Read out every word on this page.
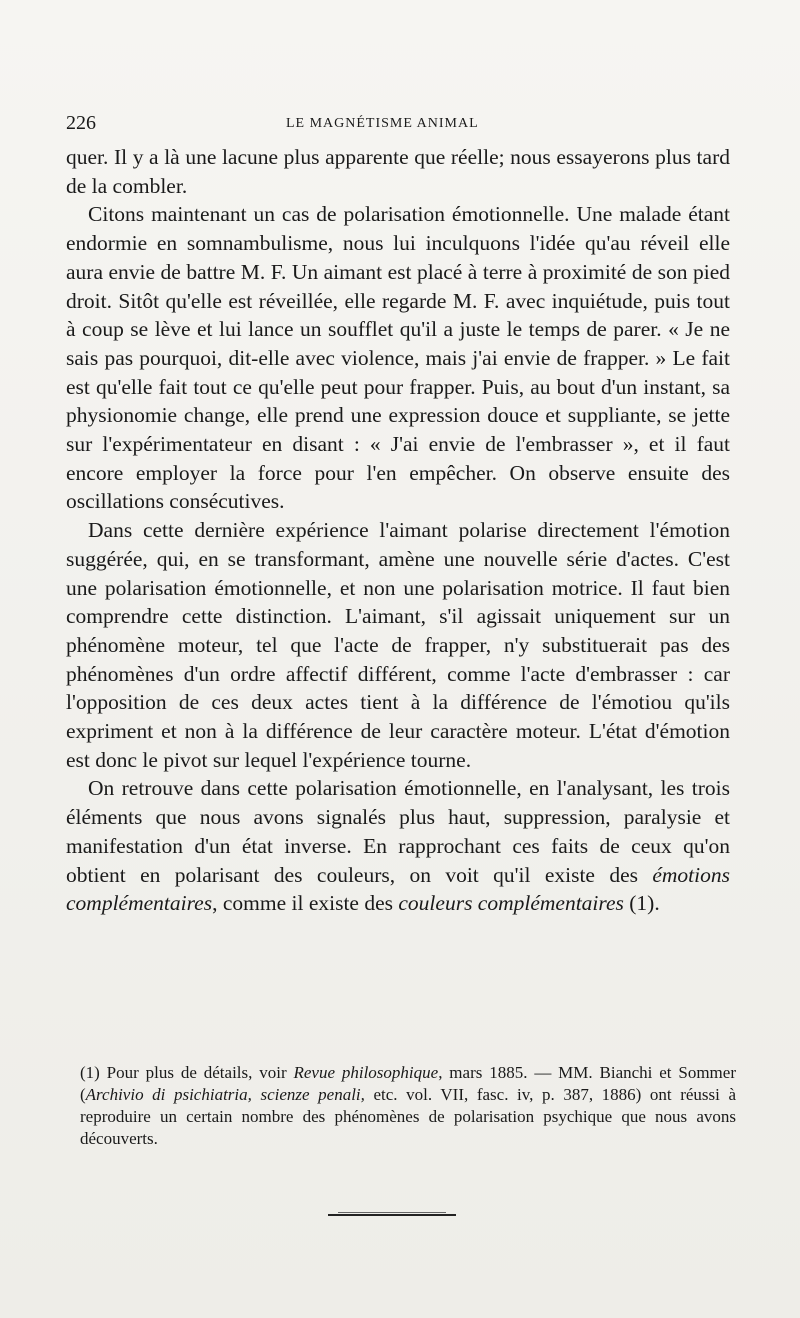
226	LE MAGNÉTISME ANIMAL

quer. Il y a là une lacune plus apparente que réelle; nous essayerons plus tard de la combler.

Citons maintenant un cas de polarisation émotionnelle. Une malade étant endormie en somnambulisme, nous lui inculquons l'idée qu'au réveil elle aura envie de battre M. F. Un aimant est placé à terre à proximité de son pied droit. Sitôt qu'elle est réveillée, elle regarde M. F. avec inquiétude, puis tout à coup se lève et lui lance un soufflet qu'il a juste le temps de parer. « Je ne sais pas pourquoi, dit-elle avec violence, mais j'ai envie de frapper. » Le fait est qu'elle fait tout ce qu'elle peut pour frapper. Puis, au bout d'un instant, sa physionomie change, elle prend une expression douce et suppliante, se jette sur l'expérimentateur en disant : « J'ai envie de l'embrasser », et il faut encore employer la force pour l'en empêcher. On observe ensuite des oscillations consécutives.

Dans cette dernière expérience l'aimant polarise directement l'émotion suggérée, qui, en se transformant, amène une nouvelle série d'actes. C'est une polarisation émotionnelle, et non une polarisation motrice. Il faut bien comprendre cette distinction. L'aimant, s'il agissait uniquement sur un phénomène moteur, tel que l'acte de frapper, n'y substituerait pas des phénomènes d'un ordre affectif différent, comme l'acte d'embrasser : car l'opposition de ces deux actes tient à la différence de l'émotiou qu'ils expriment et non à la différence de leur caractère moteur. L'état d'émotion est donc le pivot sur lequel l'expérience tourne.

On retrouve dans cette polarisation émotionnelle, en l'analysant, les trois éléments que nous avons signalés plus haut, suppression, paralysie et manifestation d'un état inverse. En rapprochant ces faits de ceux qu'on obtient en polarisant des couleurs, on voit qu'il existe des émotions complémentaires, comme il existe des couleurs complémentaires (1).

(1) Pour plus de détails, voir Revue philosophique, mars 1885. — MM. Bianchi et Sommer (Archivio di psichiatria, scienze penali, etc. vol. VII, fasc. iv, p. 387, 1886) ont réussi à reproduire un certain nombre des phénomènes de polarisation psychique que nous avons découverts.
